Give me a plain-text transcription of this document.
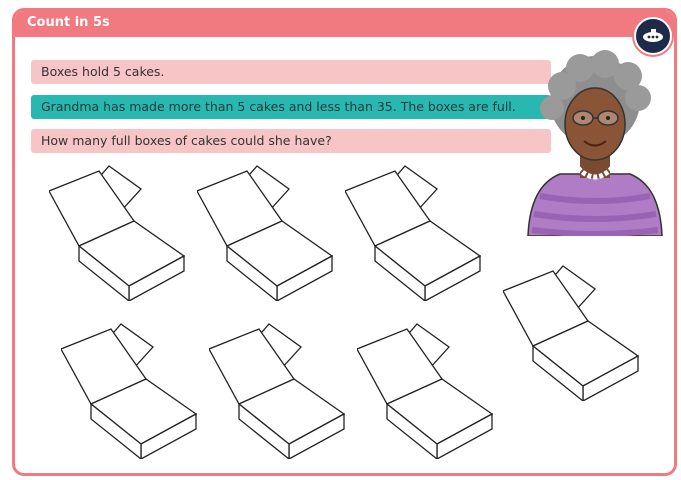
Count in 5s
Boxes hold 5 cakes.
Grandma has made more than 5 cakes and less than 35. The boxes are full.
How many full boxes of cakes could she have?
